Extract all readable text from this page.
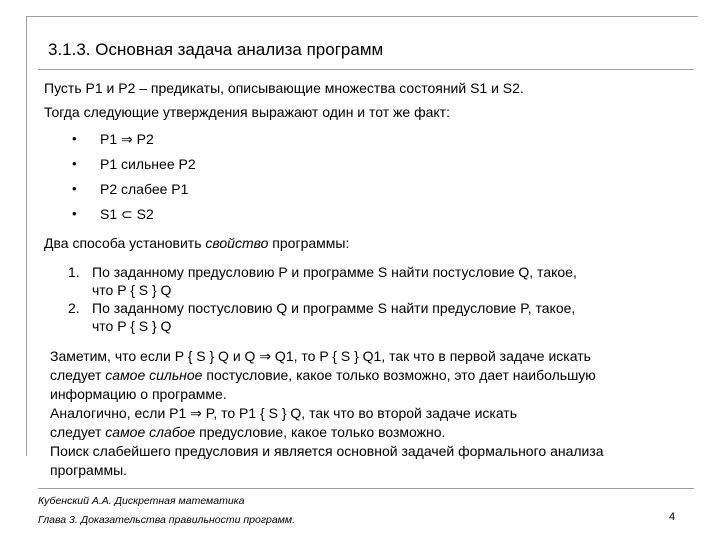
3.1.3. Основная задача анализа программ
Пусть P1 и P2 – предикаты, описывающие множества состояний S1 и S2.
Тогда следующие утверждения выражают один и тот же факт:
• P1 ⇒ P2
• P1 сильнее P2
• P2 слабее P1
• S1 ⊂ S2
Два способа установить свойство программы:
1. По заданному предусловию P и программе S найти постусловие Q, такое,
что P { S } Q
2. По заданному постусловию Q и программе S найти предусловие P, такое,
что P { S } Q
Заметим, что если P { S } Q и Q ⇒ Q1, то P { S } Q1, так что в первой задаче искать
следует самое сильное постусловие, какое только возможно, это дает наибольшую
информацию о программе.
Аналогично, если P1 ⇒ P, то P1 { S } Q, так что во второй задаче искать
следует самое слабое предусловие, какое только возможно.
Поиск слабейшего предусловия и является основной задачей формального анализа
программы.
Кубенский А.А. Дискретная математика
Глава 3. Доказательства правильности программ.	4
